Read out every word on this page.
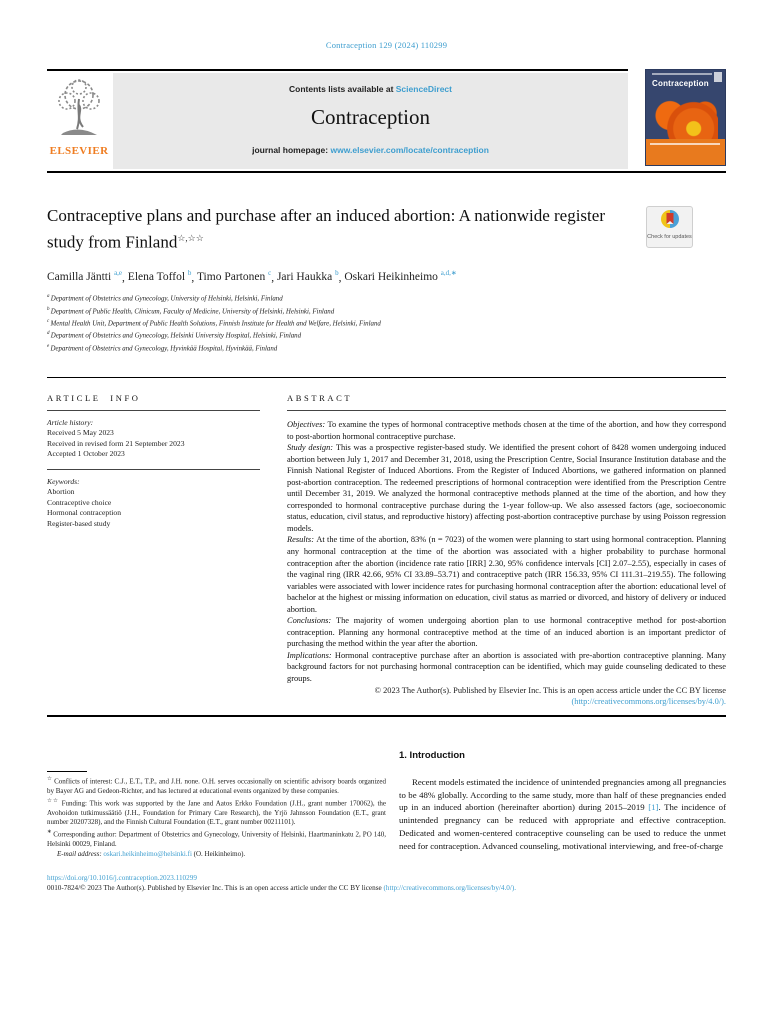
Contraception 129 (2024) 110299
ELSEVIER
Contents lists available at ScienceDirect
Contraception
journal homepage: www.elsevier.com/locate/contraception
Contraception
Contraceptive plans and purchase after an induced abortion: A nationwide register study from Finland☆,☆☆	Check for updates
Camilla Jäntti $^{a,e}$, Elena Toffol $^b$, Timo Partonen $^c$, Jari Haukka $^b$, Oskari Heikinheimo $^{a,d,∗}$
$^a$ Department of Obstetrics and Gynecology, University of Helsinki, Helsinki, Finland
$^b$ Department of Public Health, Clinicum, Faculty of Medicine, University of Helsinki, Helsinki, Finland
$^c$ Mental Health Unit, Department of Public Health Solutions, Finnish Institute for Health and Welfare, Helsinki, Finland
$^d$ Department of Obstetrics and Gynecology, Helsinki University Hospital, Helsinki, Finland
$^e$ Department of Obstetrics and Gynecology, Hyvinkää Hospital, Hyvinkää, Finland
ARTICLE INFO
Article history:
Received 5 May 2023
Received in revised form 21 September 2023
Accepted 1 October 2023
Keywords:
Abortion
Contraceptive choice
Hormonal contraception
Register-based study
ABSTRACT
Objectives: To examine the types of hormonal contraceptive methods chosen at the time of the abortion, and how they correspond to post-abortion hormonal contraceptive purchase.
Study design: This was a prospective register-based study. We identified the present cohort of 8428 women undergoing induced abortion between July 1, 2017 and December 31, 2018, using the Prescription Centre, Social Insurance Institution database and the Finnish National Register of Induced Abortions. From the Register of Induced Abortions, we gathered information on planned post-abortion contraception. The redeemed prescriptions of hormonal contraception were identified from the Prescription Centre until December 31, 2019. We analyzed the hormonal contraceptive methods planned at the time of the abortion, and how they corresponded to hormonal contraceptive purchase during the 1-year follow-up. We also assessed factors (age, socioeconomic status, education, civil status, and reproductive history) affecting post-abortion contraceptive purchase by using Poisson regression models.
Results: At the time of the abortion, 83% (n = 7023) of the women were planning to start using hormonal contraception. Planning any hormonal contraception at the time of the abortion was associated with a higher probability to purchase hormonal contraception after the abortion (incidence rate ratio [IRR] 2.30, 95% confidence intervals [CI] 2.07–2.55), especially in cases of the vaginal ring (IRR 42.66, 95% CI 33.89–53.71) and contraceptive patch (IRR 156.33, 95% CI 111.31–219.55). The following variables were associated with lower incidence rates for purchasing hormonal contraception after the abortion: educational level of bachelor at the highest or missing information on education, civil status as married or divorced, and history of delivery or induced abortion.
Conclusions: The majority of women undergoing abortion plan to use hormonal contraceptive method for post-abortion contraception. Planning any hormonal contraceptive method at the time of an induced abortion is an important predictor of purchasing the method within the year after the abortion.
Implications: Hormonal contraceptive purchase after an abortion is associated with pre-abortion contraceptive planning. Many background factors for not purchasing hormonal contraception can be identified, which may guide counseling dedicated to these groups.
© 2023 The Author(s). Published by Elsevier Inc. This is an open access article under the CC BY license (http://creativecommons.org/licenses/by/4.0/).

☆ Conflicts of interest: C.J., E.T., T.P., and J.H. none. O.H. serves occasionally on scientific advisory boards organized by Bayer AG and Gedeon-Richter, and has lectured at educational events organized by these companies.

☆☆ Funding: This work was supported by the Jane and Aatos Erkko Foundation (J.H., grant number 170062), the Avohoidon tutkimussäätiö (J.H., Foundation for Primary Care Research), the Yrjö Jahnsson Foundation (E.T., grant number 20207328), and the Finnish Cultural Foundation (E.T., grant number 00211101).

∗ Corresponding author: Department of Obstetrics and Gynecology, University of Helsinki, Haartmaninkatu 2, PO 140, Helsinki 00029, Finland.

E-mail address: oskari.heikinheimo@helsinki.fi (O. Heikinheimo).

1. Introduction

Recent models estimated the incidence of unintended pregnancies among all pregnancies to be 48% globally. According to the same study, more than half of these pregnancies ended up in an induced abortion (hereinafter abortion) during 2015–2019 [1]. The incidence of unintended pregnancy can be reduced with appropriate and effective contraception. Dedicated and women-centered contraceptive counseling can be used to reduce the unmet need for contraception. Advanced counseling, motivational interviewing, and free-of-charge

https://doi.org/10.1016/j.contraception.2023.110299
0010-7824/© 2023 The Author(s). Published by Elsevier Inc. This is an open access article under the CC BY license (http://creativecommons.org/licenses/by/4.0/).
